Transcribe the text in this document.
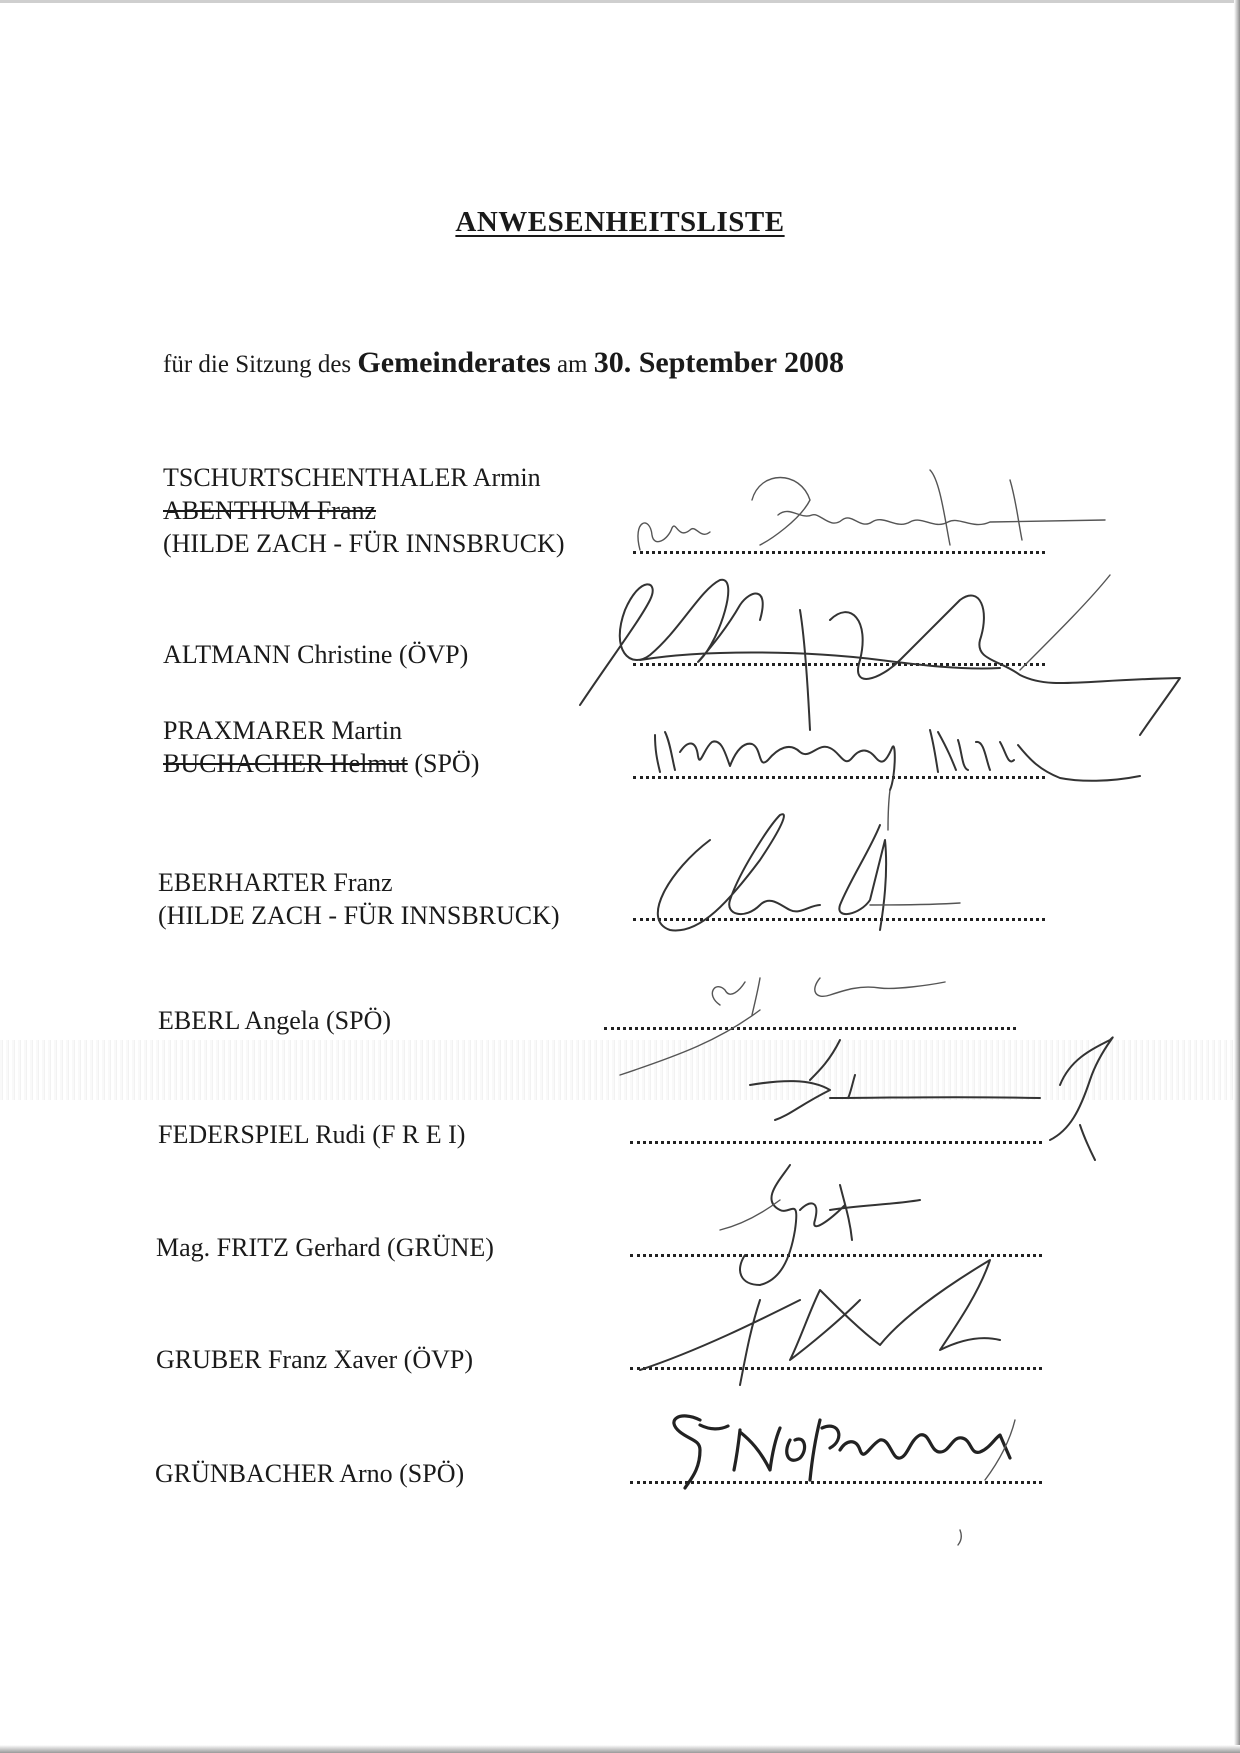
ANWESENHEITSLISTE
für die Sitzung des Gemeinderates am 30. September 2008
TSCHURTSCHENTHALER Armin
ABENTHUM Franz
(HILDE ZACH - FÜR INNSBRUCK)
ALTMANN Christine (ÖVP)
PRAXMARER Martin
BUCHACHER Helmut (SPÖ)
EBERHARTER Franz
(HILDE ZACH - FÜR INNSBRUCK)
EBERL Angela (SPÖ)
FEDERSPIEL Rudi (F R E I)
Mag. FRITZ Gerhard (GRÜNE)
GRUBER Franz Xaver (ÖVP)
GRÜNBACHER Arno (SPÖ)
